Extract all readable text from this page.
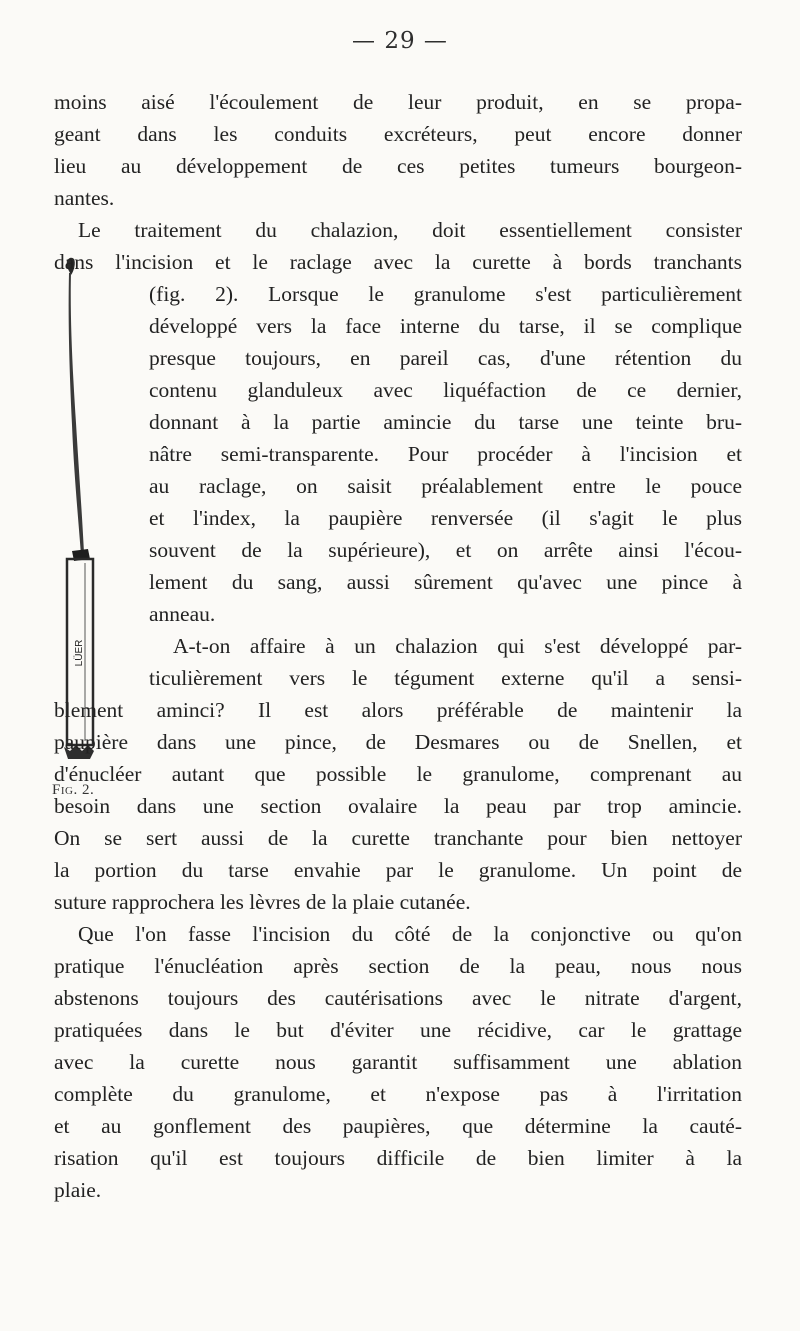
— 29 —
LÜER
Fig. 2.
moins aisé l'écoulement de leur produit, en se propa-
geant dans les conduits excréteurs, peut encore donner
lieu au développement de ces petites tumeurs bourgeon-
nantes.
Le traitement du chalazion, doit essentiellement consister
dans l'incision et le raclage avec la curette à bords tranchants
(fig. 2). Lorsque le granulome s'est particulièrement
développé vers la face interne du tarse, il se complique
presque toujours, en pareil cas, d'une rétention du
contenu glanduleux avec liquéfaction de ce dernier,
donnant à la partie amincie du tarse une teinte bru-
nâtre semi-transparente. Pour procéder à l'incision et
au raclage, on saisit préalablement entre le pouce
et l'index, la paupière renversée (il s'agit le plus
souvent de la supérieure), et on arrête ainsi l'écou-
lement du sang, aussi sûrement qu'avec une pince à
anneau.
A-t-on affaire à un chalazion qui s'est développé par-
ticulièrement vers le tégument externe qu'il a sensi-
blement aminci? Il est alors préférable de maintenir la
paupière dans une pince, de Desmares ou de Snellen, et
d'énucléer autant que possible le granulome, comprenant au
besoin dans une section ovalaire la peau par trop amincie.
On se sert aussi de la curette tranchante pour bien nettoyer
la portion du tarse envahie par le granulome. Un point de
suture rapprochera les lèvres de la plaie cutanée.
Que l'on fasse l'incision du côté de la conjonctive ou qu'on
pratique l'énucléation après section de la peau, nous nous
abstenons toujours des cautérisations avec le nitrate d'argent,
pratiquées dans le but d'éviter une récidive, car le grattage
avec la curette nous garantit suffisamment une ablation
complète du granulome, et n'expose pas à l'irritation
et au gonflement des paupières, que détermine la cauté-
risation qu'il est toujours difficile de bien limiter à la
plaie.
